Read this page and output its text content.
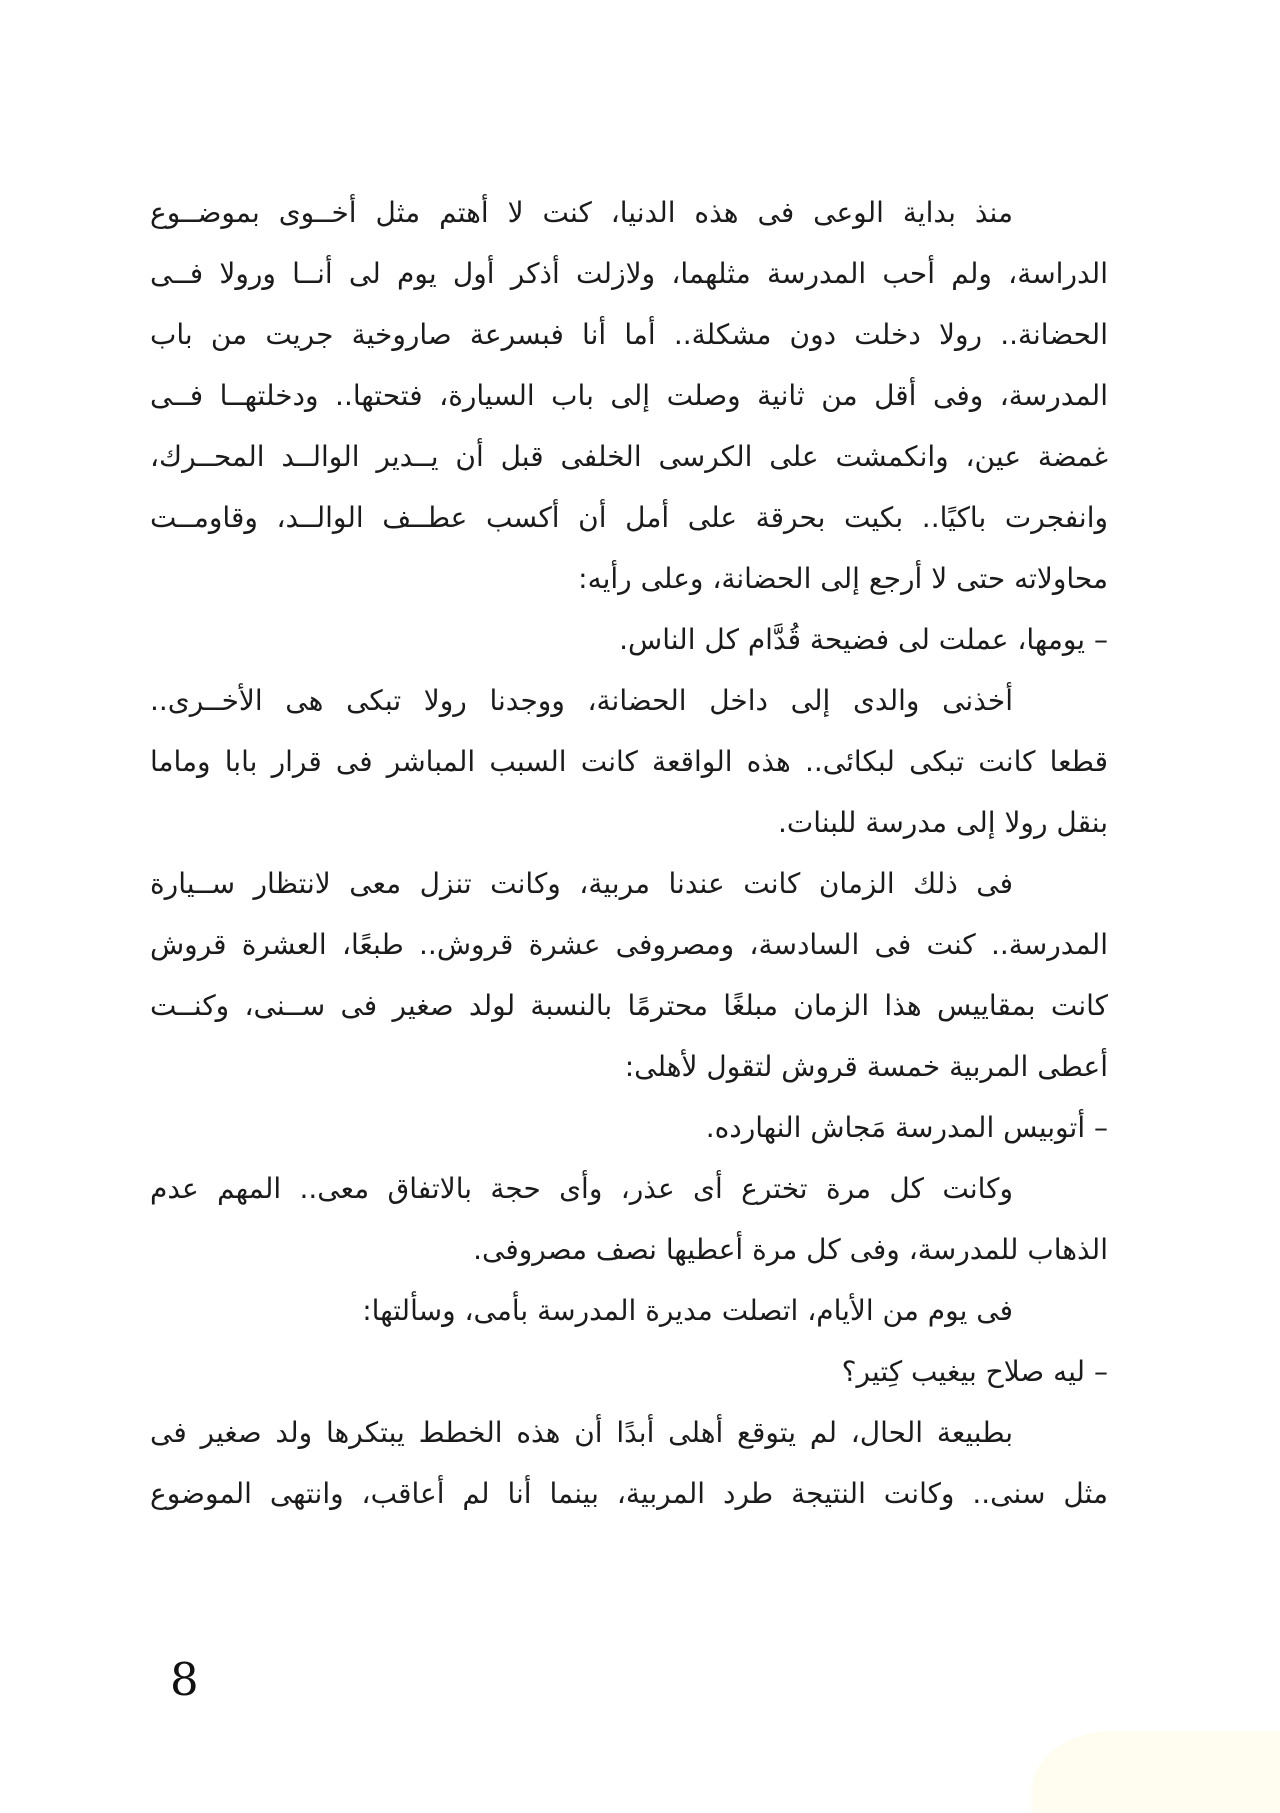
منذ بداية الوعى فى هذه الدنيا، كنت لا أهتم مثل أخــوى بموضــوع
الدراسة، ولم أحب المدرسة مثلهما، ولازلت أذكر أول يوم لى أنــا ورولا فــى
الحضانة.. رولا دخلت دون مشكلة.. أما أنا فبسرعة صاروخية جريت من باب
المدرسة، وفى أقل من ثانية وصلت إلى باب السيارة، فتحتها.. ودخلتهــا فــى
غمضة عين، وانكمشت على الكرسى الخلفى قبل أن يــدير الوالــد المحــرك،
وانفجرت باكيًا.. بكيت بحرقة على أمل أن أكسب عطــف الوالــد، وقاومــت
محاولاته حتى لا أرجع إلى الحضانة، وعلى رأيه:
– يومها، عملت لى فضيحة قُدَّام كل الناس.
أخذنى والدى إلى داخل الحضانة، ووجدنا رولا تبكى هى الأخــرى..
قطعا كانت تبكى لبكائى.. هذه الواقعة كانت السبب المباشر فى قرار بابا وماما
بنقل رولا إلى مدرسة للبنات.
فى ذلك الزمان كانت عندنا مربية، وكانت تنزل معى لانتظار ســيارة
المدرسة.. كنت فى السادسة، ومصروفى عشرة قروش.. طبعًا، العشرة قروش
كانت بمقاييس هذا الزمان مبلغًا محترمًا بالنسبة لولد صغير فى ســنى، وكنــت
أعطى المربية خمسة قروش لتقول لأهلى:
– أتوبيس المدرسة مَجاش النهارده.
وكانت كل مرة تخترع أى عذر، وأى حجة بالاتفاق معى.. المهم عدم
الذهاب للمدرسة، وفى كل مرة أعطيها نصف مصروفى.
فى يوم من الأيام، اتصلت مديرة المدرسة بأمى، وسألتها:
– ليه صلاح بيغيب كِتير؟
بطبيعة الحال، لم يتوقع أهلى أبدًا أن هذه الخطط يبتكرها ولد صغير فى
مثل سنى.. وكانت النتيجة طرد المربية، بينما أنا لم أعاقب، وانتهى الموضوع
8
